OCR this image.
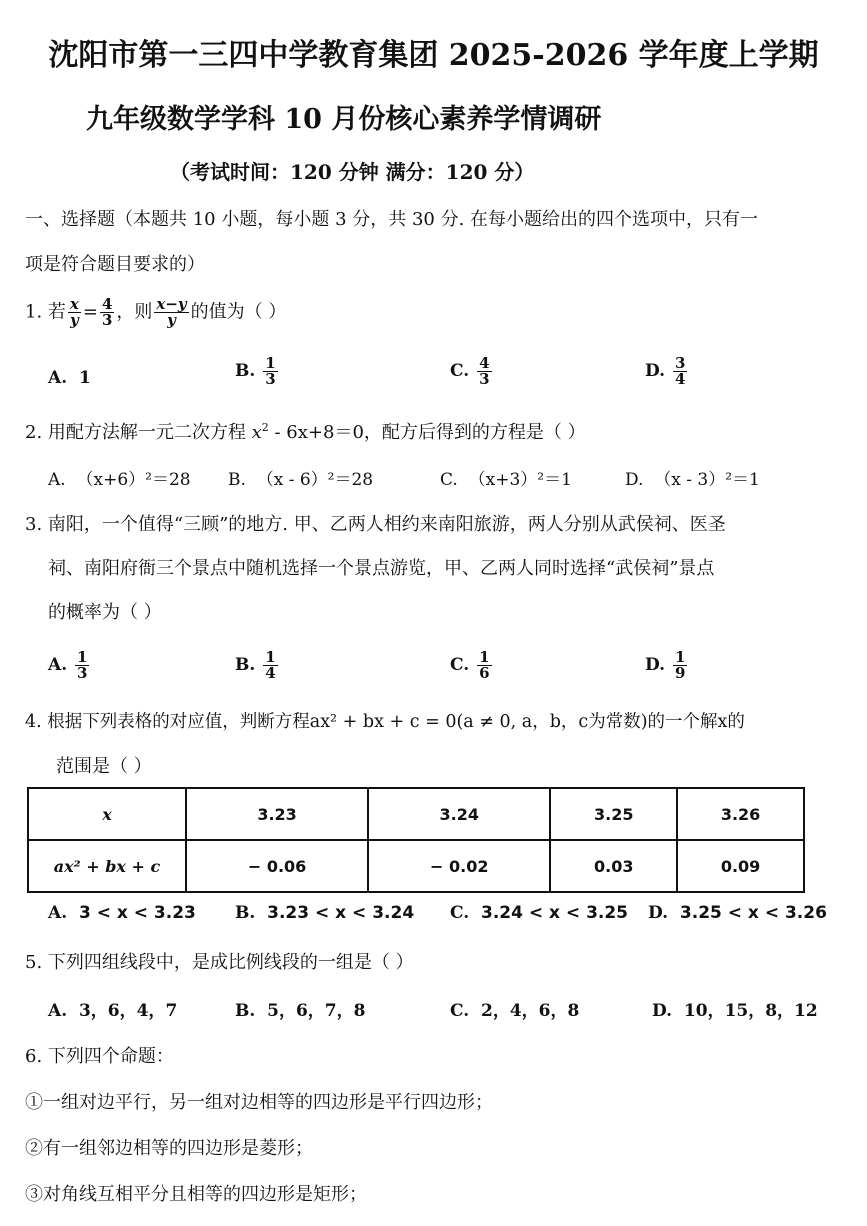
沈阳市第一三四中学教育集团 2025-2026 学年度上学期
九年级数学学科 10 月份核心素养学情调研
（考试时间：120 分钟 满分：120 分）
一、选择题（本题共 10 小题，每小题 3 分，共 30 分. 在每小题给出的四个选项中，只有一
项是符合题目要求的）
1. 若 $\frac{x}{y} = \frac{4}{3}$ ，则 $\frac{x-y}{y}$ 的值为（ ）
A. 1	B. $\frac{1}{3}$	C. $\frac{4}{3}$	D. $\frac{3}{4}$
2. 用配方法解一元二次方程 $x^2 - 6x+8=0$，配方后得到的方程是（ ）
A. （x+6）²＝28 B. （x - 6）²＝28	C. （x+3）²＝1	D. （x - 3）²＝1
3. 南阳，一个值得“三顾”的地方. 甲、乙两人相约来南阳旅游，两人分别从武侯祠、医圣
祠、南阳府衙三个景点中随机选择一个景点游览，甲、乙两人同时选择“武侯祠”景点
的概率为（ ）
A. $\frac{1}{3}$	B. $\frac{1}{4}$	C. $\frac{1}{6}$	D. $\frac{1}{9}$
4. 根据下列表格的对应值，判断方程ax² + bx + c = 0(a ≠ 0, a，b，c为常数)的一个解x的
范围是（ ）
x	3.23	3.24	3.25	3.26
ax² + bx + c	− 0.06	− 0.02	0.03	0.09
A. 3 < x < 3.23 B. 3.23 < x < 3.24 C. 3.24 < x < 3.25 D. 3.25 < x < 3.26
5. 下列四组线段中，是成比例线段的一组是（ ）
A. 3，6，4，7	B. 5，6，7，8	C. 2，4，6，8	D. 10，15，8，12
6. 下列四个命题：
①一组对边平行，另一组对边相等的四边形是平行四边形；
②有一组邻边相等的四边形是菱形；
③对角线互相平分且相等的四边形是矩形；
